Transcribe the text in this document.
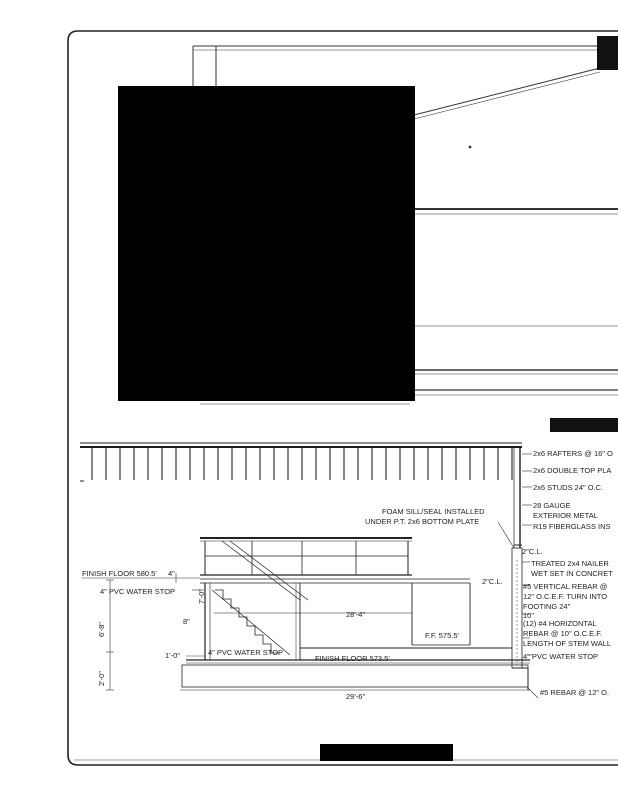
FINISH FLOOR 580.5' 4"
4" PVC WATER STOP
6'-8"
7'-0"
8"
1'-0"
2'-0"
4" PVC WATER STOP
FINISH FLOOR 573.5'
28'-4"
F.F. 575.5'
29'-6"
2x6 RAFTERS @ 16" O
2x6 DOUBLE TOP PLA
2x6 STUDS 24" O.C.
28 GAUGE
EXTERIOR METAL
R19 FIBERGLASS INS
FOAM SILL/SEAL INSTALLED
UNDER P.T. 2x6 BOTTOM PLATE
2"C.L.
TREATED 2x4 NAILER
WET SET IN CONCRET
2"C.L.
#5 VERTICAL REBAR @
12" O.C.E.F. TURN INTO
FOOTING 24"
10"
(12) #4 HORIZONTAL
REBAR @ 10" O.C.E.F.
LENGTH OF STEM WALL
4" PVC WATER STOP
#5 REBAR @ 12" O.
